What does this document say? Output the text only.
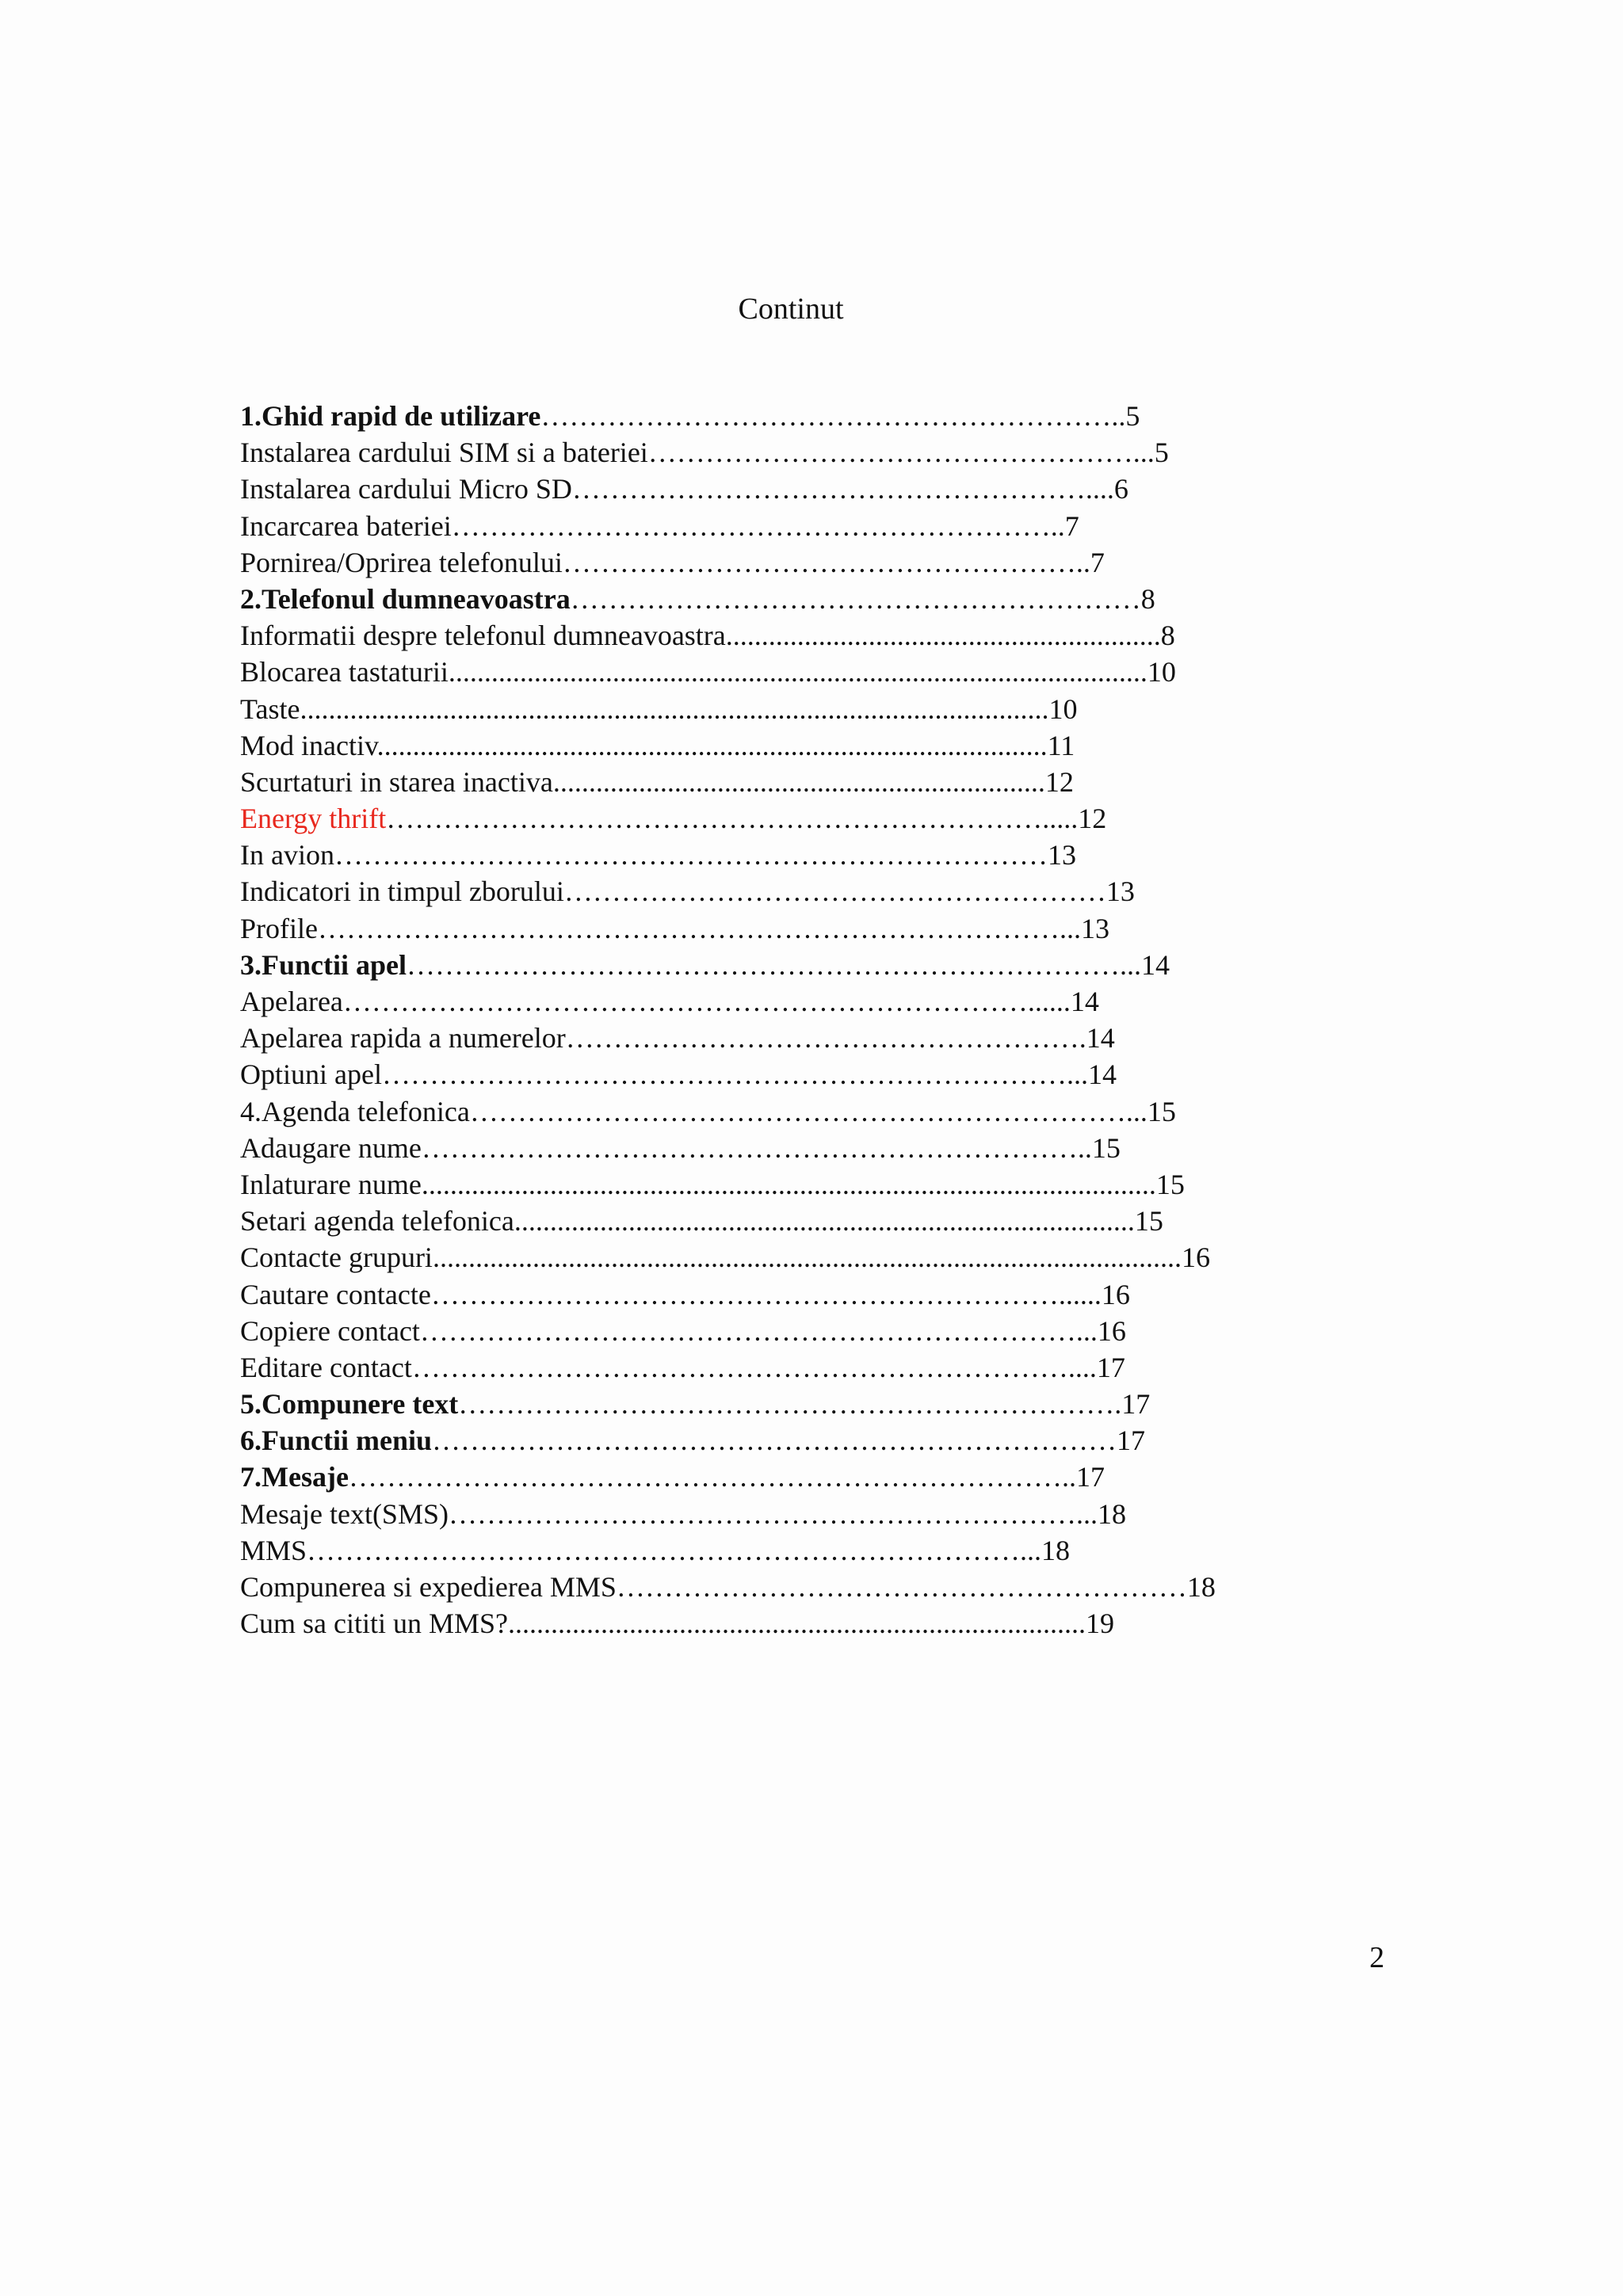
Continut
1.Ghid rapid de utilizare……………………………………………………..5
Instalarea cardului SIM si a bateriei……………………………………………...5
Instalarea cardului Micro SD………………………………………………....6
Incarcarea bateriei………………………………………………………..7
Pornirea/Oprirea telefonului………………………………………………..7
2.Telefonul dumneavoastra……………………………………………………8
Informatii despre telefonul dumneavoastra.............................................................8
Blocarea tastaturii..................................................................................................10
Taste.........................................................................................................10
Mod inactiv..............................................................................................11
Scurtaturi in starea inactiva.....................................................................12
Energy thrift…………………………………………………………….....12
In avion…………………………………………………………………13
Indicatori in timpul zborului…………………………………………………13
Profile……………………………………………………………………...13
3.Functii apel…………………………………………………………………...14
Apelarea………………………………………………………………......14
Apelarea rapida a numerelor……………………………………………….14
Optiuni apel………………………………………………………………...14
4.Agenda telefonica……………………………………………………………...15
Adaugare nume……………………………………………………………..15
Inlaturare nume.......................................................................................................15
Setari agenda telefonica.......................................................................................15
Contacte grupuri.........................................................................................................16
Cautare contacte…………………………………………………………......16
Copiere contact……………………………………………………………...16
Editare contact……………………………………………………………....17
5.Compunere text…………………………………………………………….17
6.Functii meniu………………………………………………………………17
7.Mesaje…………………………………………………………………..17
Mesaje text(SMS)…………………………………………………………...18
MMS…………………………………………………………………...18
Compunerea si expedierea MMS……………………………………………………18
Cum sa cititi un MMS?.................................................................................19
2
